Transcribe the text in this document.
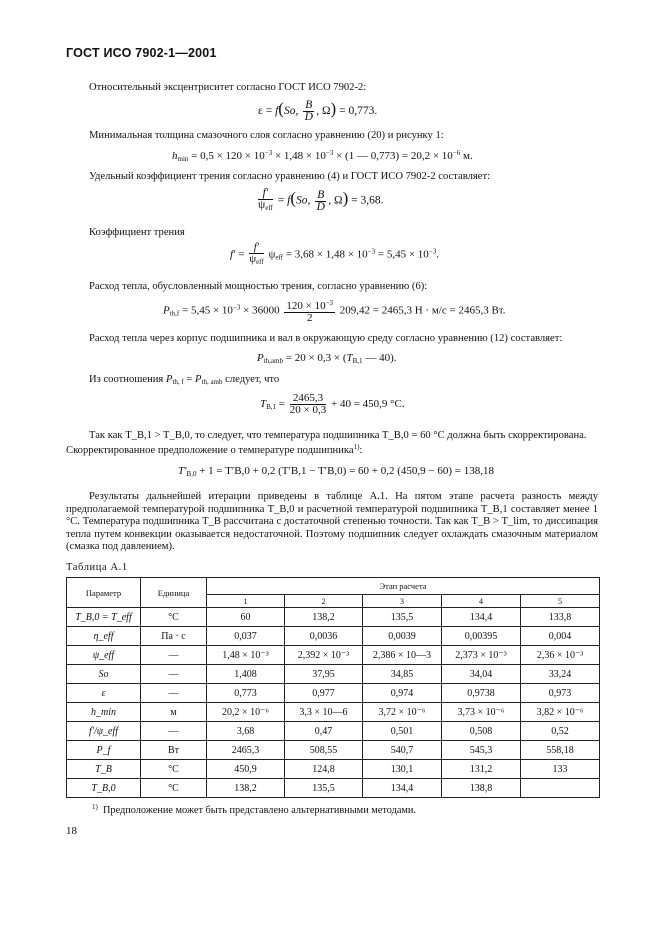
ГОСТ ИСО 7902-1—2001
Относительный эксцентриситет согласно ГОСТ ИСО 7902-2:
ε = f(So, $\frac{B}{D}$ , Ω) = 0,773.
Минимальная толщина смазочного слоя согласно уравнению (20) и рисунку 1:
$h_{min} = 0,5 \times 120 \times 10^{-3} \times 1,48 \times 10^{-3} \times (1$ — $0,773) = 20,2 \times 10^{-6}$ м.
Удельный коэффициент трения согласно уравнению (4) и ГОСТ ИСО 7902-2 составляет:
$\frac{f'}{\psi_{eff}} = f(So$, $\frac{B}{D}$ , Ω) = 3,68.
Коэффициент трения
$f' = \frac{f'}{\psi_{eff}} \psi_{eff} = 3,68 \times 1,48 \times 10^{-3} = 5,45 \times 10^{-3}$.
Расход тепла, обусловленный мощностью трения, согласно уравнению (6):
$P_{th,f} = 5,45 \times 10^{-3} \times 36000 \frac{120 \times 10^{-3}}{2} 209,42 = 2465,3$ Н · м/с = 2465,3 Вт.
Расход тепла через корпус подшипника и вал в окружающую среду согласно уравнению (12) составляет:
$P_{th,amb} = 20 \times 0,3 \times (T_{B,1}$ — 40).
Из соотношения $P_{th, f} = P_{th, amb}$ следует, что
$T_{B,1} = \frac{2465,3}{20 \times 0,3} + 40 = 450,9$ °С.
Так как T_B,1 > T_B,0, то следует, что температура подшипника T_B,0 = 60 °С должна быть скорректирована.
Скорректированное предположение о температуре подшипника$^{1)}$:
$T'_{B,0} + 1 = T'B,0 + 0,2$ (T′B,1 − T′B,0) = 60 + 0,2 (450,9 − 60) = 138,18
Результаты дальнейшей итерации приведены в таблице А.1. На пятом этапе расчета разность между предполагаемой температурой подшипника T_B,0 и расчетной температурой подшипника T_B,1 составляет менее 1 °С. Температура подшипника T_B рассчитана с достаточной степенью точности. Так как T_B > T_lim, то диссипация тепла путем конвекции оказывается недостаточной. Поэтому подшипник следует охлаждать смазочным материалом (смазка под давлением).
Таблица А.1
Параметр	Единица	Этап расчета				
		1	2	3	4	5
T_B,0 = T_eff	°С	60	138,2	135,5	134,4	133,8
η_eff	Па · с	0,037	0,0036	0,0039	0,00395	0,004
ψ_eff	—	1,48 × 10⁻³	2,392 × 10⁻³	2,386 × 10—3	2,373 × 10⁻³	2,36 × 10⁻³
So	—	1,408	37,95	34,85	34,04	33,24
ε	—	0,773	0,977	0,974	0,9738	0,973
h_min	м	20,2 × 10⁻⁶	3,3 × 10—6	3,72 × 10⁻⁶	3,73 × 10⁻⁶	3,82 × 10⁻⁶
f′/ψ_eff	—	3,68	0,47	0,501	0,508	0,52
P_f	Вт	2465,3	508,55	540,7	545,3	558,18
T_B	°С	450,9	124,8	130,1	131,2	133
T_B,0	°С	138,2	135,5	134,4	138,8	
$^{1)}$ Предположение может быть представлено альтернативными методами.
18
